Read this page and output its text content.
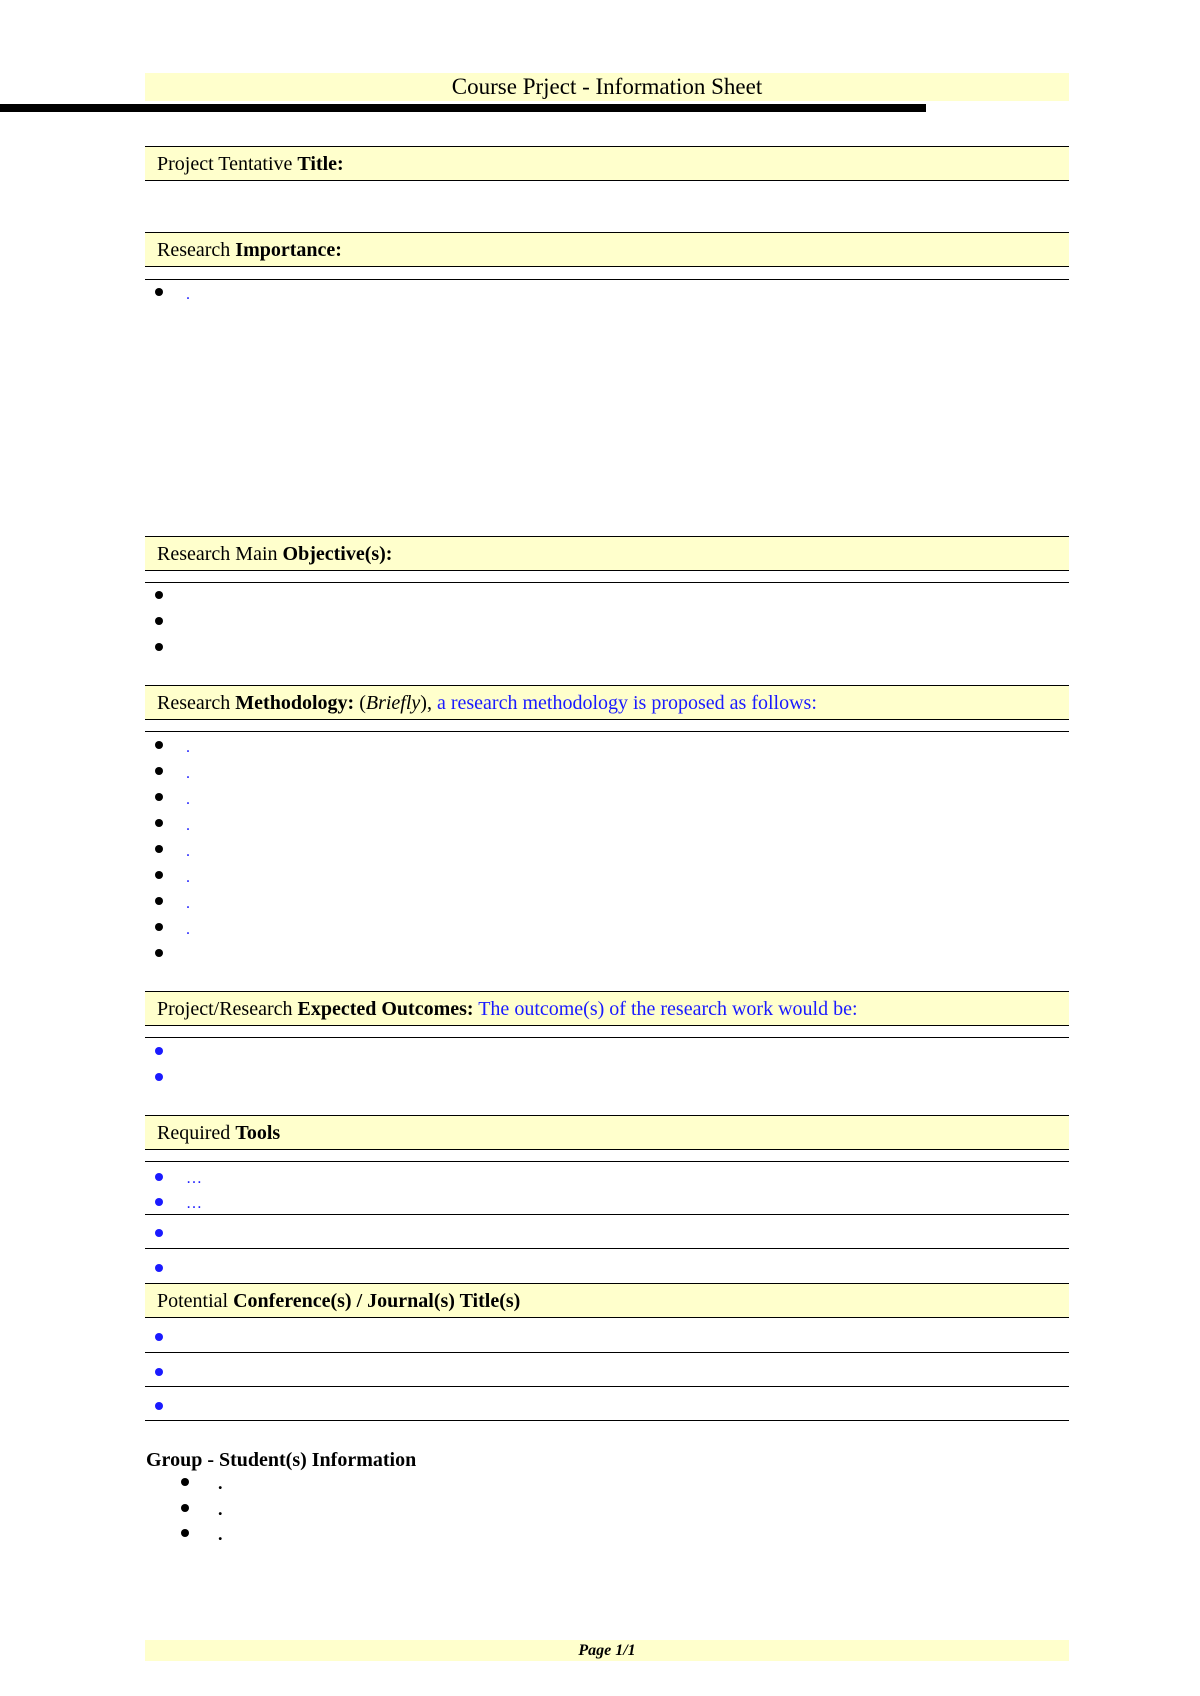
Course Prject - Information Sheet
Project Tentative Title:
Research Importance:
.
Research Main Objective(s):
Research Methodology: (Briefly), a research methodology is proposed as follows:
.
.
.
.
.
.
.
.
Project/Research Expected Outcomes: The outcome(s) of the research work would be:
Required Tools
…
…
Potential Conference(s) / Journal(s) Title(s)
Group - Student(s) Information
.
.
.
Page 1/1
